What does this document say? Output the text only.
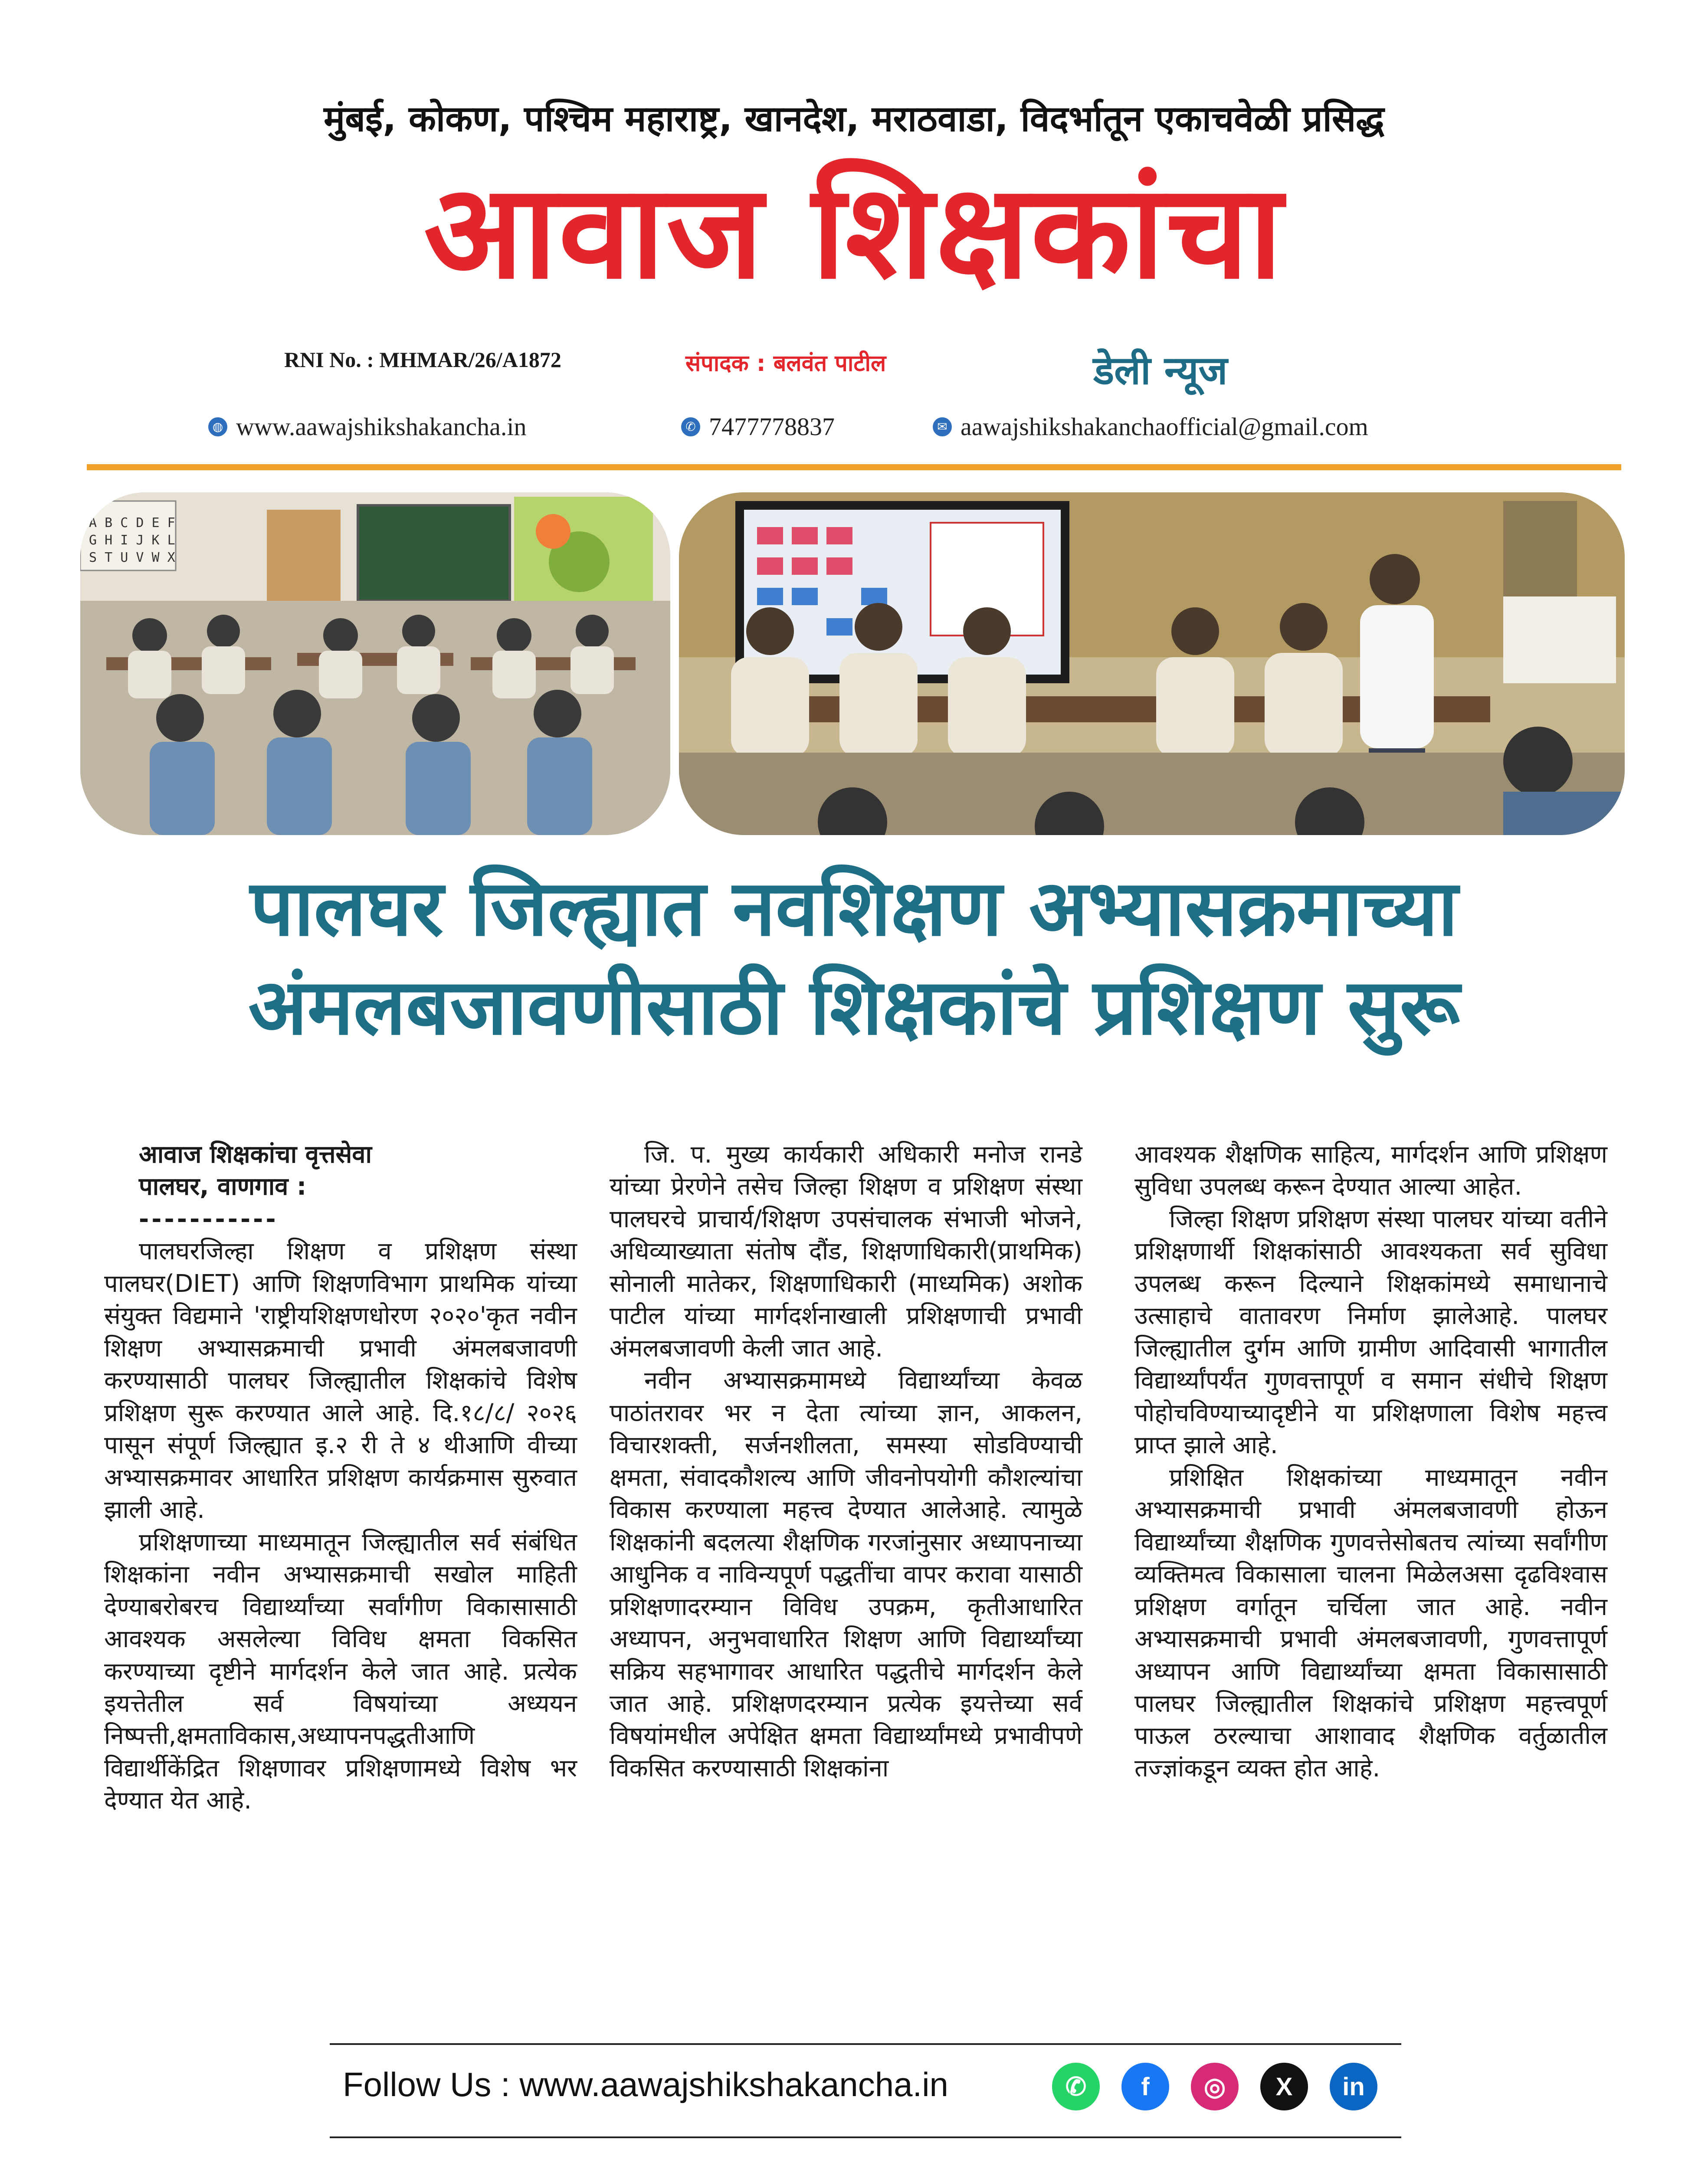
मुंबई, कोकण, पश्चिम महाराष्ट्र, खानदेश, मराठवाडा, विदर्भातून एकाचवेळी प्रसिद्ध
आवाज शिक्षकांचा
RNI No. : MHMAR/26/A1872	संपादक : बलवंत पाटील	डेली न्यूज
◍ www.aawajshikshakancha.in	✆ 7477778837	✉ aawajshikshakanchaofficial@gmail.com
A B C D E F
G H I J K L
S T U V W X
पालघर जिल्ह्यात नवशिक्षण अभ्यासक्रमाच्या
अंमलबजावणीसाठी शिक्षकांचे प्रशिक्षण सुरू
आवाज शिक्षकांचा वृत्तसेवा
पालघर, वाणगाव :
-----------

पालघरजिल्हा शिक्षण व प्रशिक्षण संस्था पालघर(DIET) आणि शिक्षणविभाग प्राथमिक यांच्या संयुक्त विद्यमाने 'राष्ट्रीयशिक्षणधोरण २०२०'कृत नवीन शिक्षण अभ्यासक्रमाची प्रभावी अंमलबजावणी करण्यासाठी पालघर जिल्ह्यातील शिक्षकांचे विशेष प्रशिक्षण सुरू करण्यात आले आहे. दि.१८/८/ २०२६ पासून संपूर्ण जिल्ह्यात इ.२ री ते ४ थीआणि वीच्या अभ्यासक्रमावर आधारित प्रशिक्षण कार्यक्रमास सुरुवात झाली आहे.

प्रशिक्षणाच्या माध्यमातून जिल्ह्यातील सर्व संबंधित शिक्षकांना नवीन अभ्यासक्रमाची सखोल माहिती देण्याबरोबरच विद्यार्थ्यांच्या सर्वांगीण विकासासाठी आवश्यक असलेल्या विविध क्षमता विकसित करण्याच्या दृष्टीने मार्गदर्शन केले जात आहे. प्रत्येक इयत्तेतील सर्व विषयांच्या अध्ययन निष्पत्ती,क्षमताविकास,अध्यापनपद्धतीआणि विद्यार्थीकेंद्रित शिक्षणावर प्रशिक्षणामध्ये विशेष भर देण्यात येत आहे.

जि. प. मुख्य कार्यकारी अधिकारी मनोज रानडे यांच्या प्रेरणेने तसेच जिल्हा शिक्षण व प्रशिक्षण संस्था पालघरचे प्राचार्य/शिक्षण उपसंचालक संभाजी भोजने, अधिव्याख्याता संतोष दौंड, शिक्षणाधिकारी(प्राथमिक) सोनाली मातेकर, शिक्षणाधिकारी (माध्यमिक) अशोक पाटील यांच्या मार्गदर्शनाखाली प्रशिक्षणाची प्रभावी अंमलबजावणी केली जात आहे.

नवीन अभ्यासक्रमामध्ये विद्यार्थ्यांच्या केवळ पाठांतरावर भर न देता त्यांच्या ज्ञान, आकलन, विचारशक्ती, सर्जनशीलता, समस्या सोडविण्याची क्षमता, संवादकौशल्य आणि जीवनोपयोगी कौशल्यांचा विकास करण्याला महत्त्व देण्यात आलेआहे. त्यामुळे शिक्षकांनी बदलत्या शैक्षणिक गरजांनुसार अध्यापनाच्या आधुनिक व नाविन्यपूर्ण पद्धतींचा वापर करावा यासाठी प्रशिक्षणादरम्यान विविध उपक्रम, कृतीआधारित अध्यापन, अनुभवाधारित शिक्षण आणि विद्यार्थ्यांच्या सक्रिय सहभागावर आधारित पद्धतीचे मार्गदर्शन केले जात आहे. प्रशिक्षणदरम्यान प्रत्येक इयत्तेच्या सर्व विषयांमधील अपेक्षित क्षमता विद्यार्थ्यांमध्ये प्रभावीपणे विकसित करण्यासाठी शिक्षकांना

आवश्यक शैक्षणिक साहित्य, मार्गदर्शन आणि प्रशिक्षण सुविधा उपलब्ध करून देण्यात आल्या आहेत.

जिल्हा शिक्षण प्रशिक्षण संस्था पालघर यांच्या वतीने प्रशिक्षणार्थी शिक्षकांसाठी आवश्यकता सर्व सुविधा उपलब्ध करून दिल्याने शिक्षकांमध्ये समाधानाचे उत्साहाचे वातावरण निर्माण झालेआहे. पालघर जिल्ह्यातील दुर्गम आणि ग्रामीण आदिवासी भागातील विद्यार्थ्यांपर्यंत गुणवत्तापूर्ण व समान संधीचे शिक्षण पोहोचविण्याच्यादृष्टीने या प्रशिक्षणाला विशेष महत्त्व प्राप्त झाले आहे.

प्रशिक्षित शिक्षकांच्या माध्यमातून नवीन अभ्यासक्रमाची प्रभावी अंमलबजावणी होऊन विद्यार्थ्यांच्या शैक्षणिक गुणवत्तेसोबतच त्यांच्या सर्वांगीण व्यक्तिमत्व विकासाला चालना मिळेलअसा दृढविश्वास प्रशिक्षण वर्गातून चर्चिला जात आहे. नवीन अभ्यासक्रमाची प्रभावी अंमलबजावणी, गुणवत्तापूर्ण अध्यापन आणि विद्यार्थ्यांच्या क्षमता विकासासाठी पालघर जिल्ह्यातील शिक्षकांचे प्रशिक्षण महत्त्वपूर्ण पाऊल ठरल्याचा आशावाद शैक्षणिक वर्तुळातील तज्ज्ञांकडून व्यक्त होत आहे.

Follow Us : www.aawajshikshakancha.in	✆	f	◎	X	in
